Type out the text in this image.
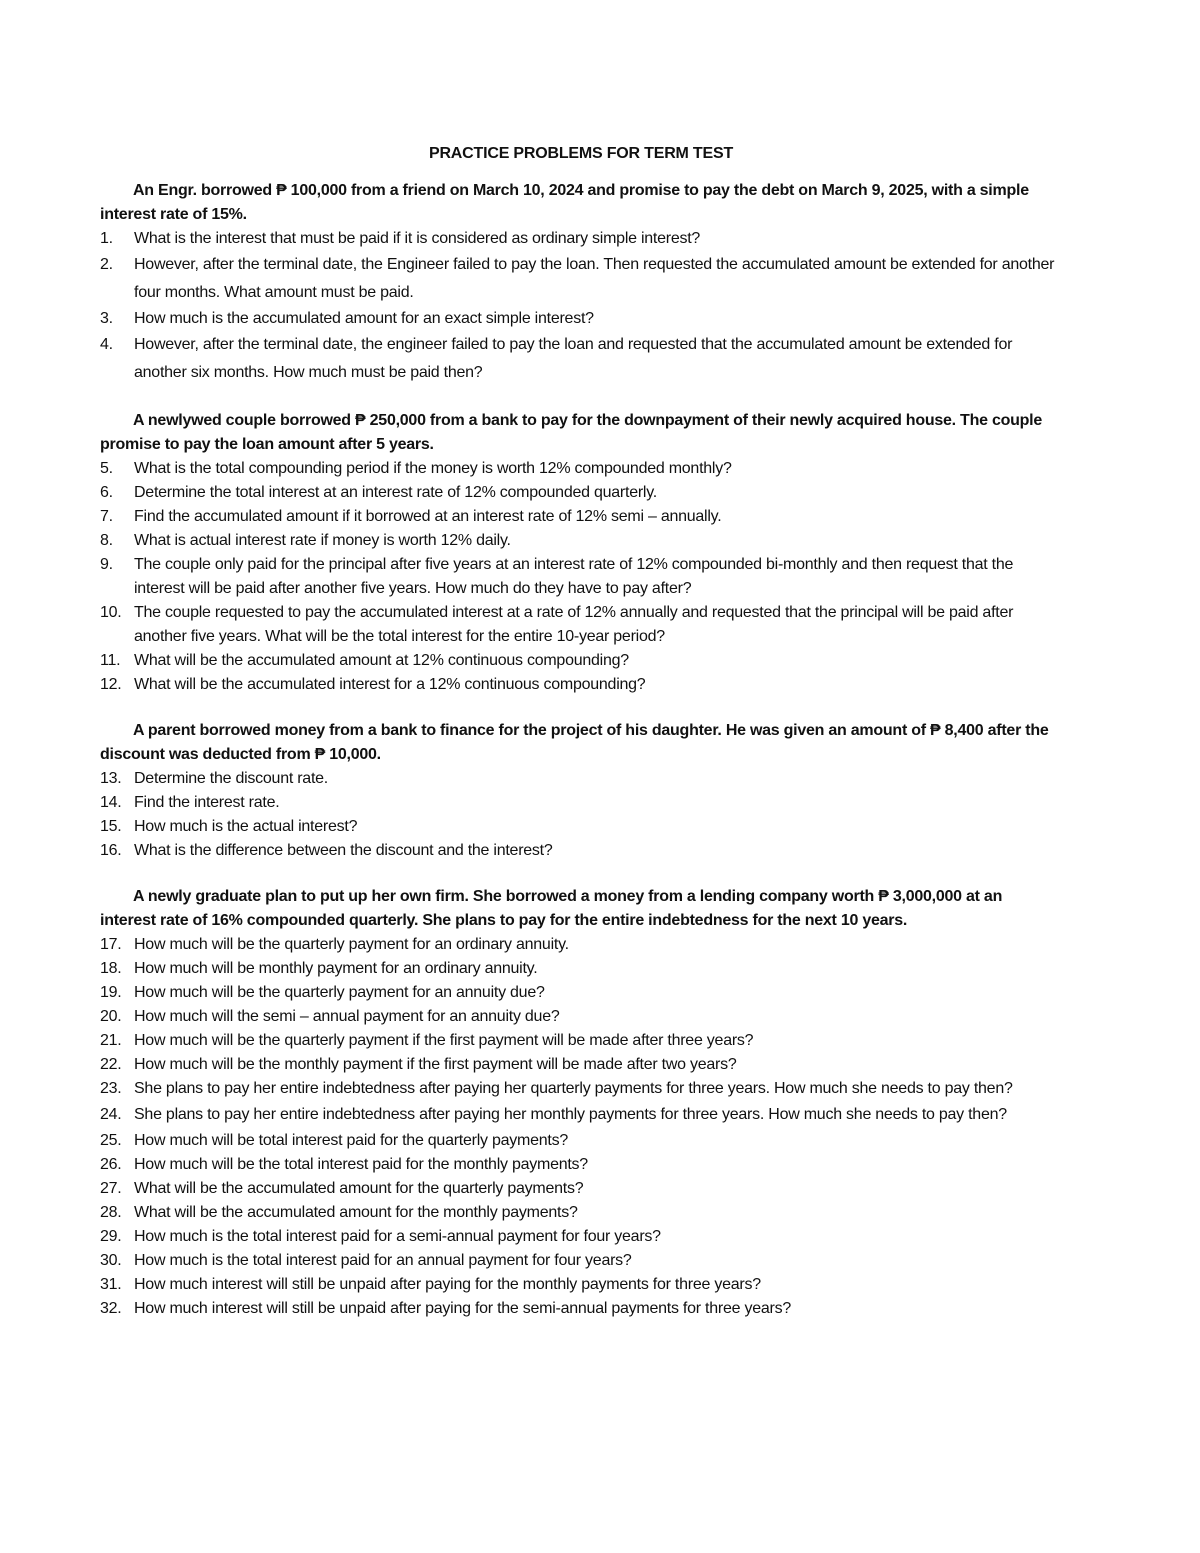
PRACTICE PROBLEMS FOR TERM TEST
An Engr. borrowed ₱ 100,000 from a friend on March 10, 2024 and promise to pay the debt on March 9, 2025, with a simple interest rate of 15%.
1.	What is the interest that must be paid if it is considered as ordinary simple interest?
2.	However, after the terminal date, the Engineer failed to pay the loan. Then requested the accumulated amount be extended for another four months. What amount must be paid.
3.	How much is the accumulated amount for an exact simple interest?
4.	However, after the terminal date, the engineer failed to pay the loan and requested that the accumulated amount be extended for another six months. How much must be paid then?
A newlywed couple borrowed ₱ 250,000 from a bank to pay for the downpayment of their newly acquired house. The couple promise to pay the loan amount after 5 years.
5.	What is the total compounding period if the money is worth 12% compounded monthly?
6.	Determine the total interest at an interest rate of 12% compounded quarterly.
7.	Find the accumulated amount if it borrowed at an interest rate of 12% semi – annually.
8.	What is actual interest rate if money is worth 12% daily.
9.	The couple only paid for the principal after five years at an interest rate of 12% compounded bi-monthly and then request that the interest will be paid after another five years. How much do they have to pay after?
10. The couple requested to pay the accumulated interest at a rate of 12% annually and requested that the principal will be paid after another five years. What will be the total interest for the entire 10-year period?
11. What will be the accumulated amount at 12% continuous compounding?
12. What will be the accumulated interest for a 12% continuous compounding?
A parent borrowed money from a bank to finance for the project of his daughter. He was given an amount of ₱ 8,400 after the discount was deducted from ₱ 10,000.
13. Determine the discount rate.
14. Find the interest rate.
15. How much is the actual interest?
16. What is the difference between the discount and the interest?
A newly graduate plan to put up her own firm. She borrowed a money from a lending company worth ₱ 3,000,000 at an interest rate of 16% compounded quarterly. She plans to pay for the entire indebtedness for the next 10 years.
17. How much will be the quarterly payment for an ordinary annuity.
18. How much will be monthly payment for an ordinary annuity.
19. How much will be the quarterly payment for an annuity due?
20. How much will the semi – annual payment for an annuity due?
21. How much will be the quarterly payment if the first payment will be made after three years?
22. How much will be the monthly payment if the first payment will be made after two years?
23. She plans to pay her entire indebtedness after paying her quarterly payments for three years. How much she needs to pay then?
24. She plans to pay her entire indebtedness after paying her monthly payments for three years. How much she needs to pay then?
25. How much will be total interest paid for the quarterly payments?
26. How much will be the total interest paid for the monthly payments?
27. What will be the accumulated amount for the quarterly payments?
28. What will be the accumulated amount for the monthly payments?
29. How much is the total interest paid for a semi-annual payment for four years?
30. How much is the total interest paid for an annual payment for four years?
31. How much interest will still be unpaid after paying for the monthly payments for three years?
32. How much interest will still be unpaid after paying for the semi-annual payments for three years?
